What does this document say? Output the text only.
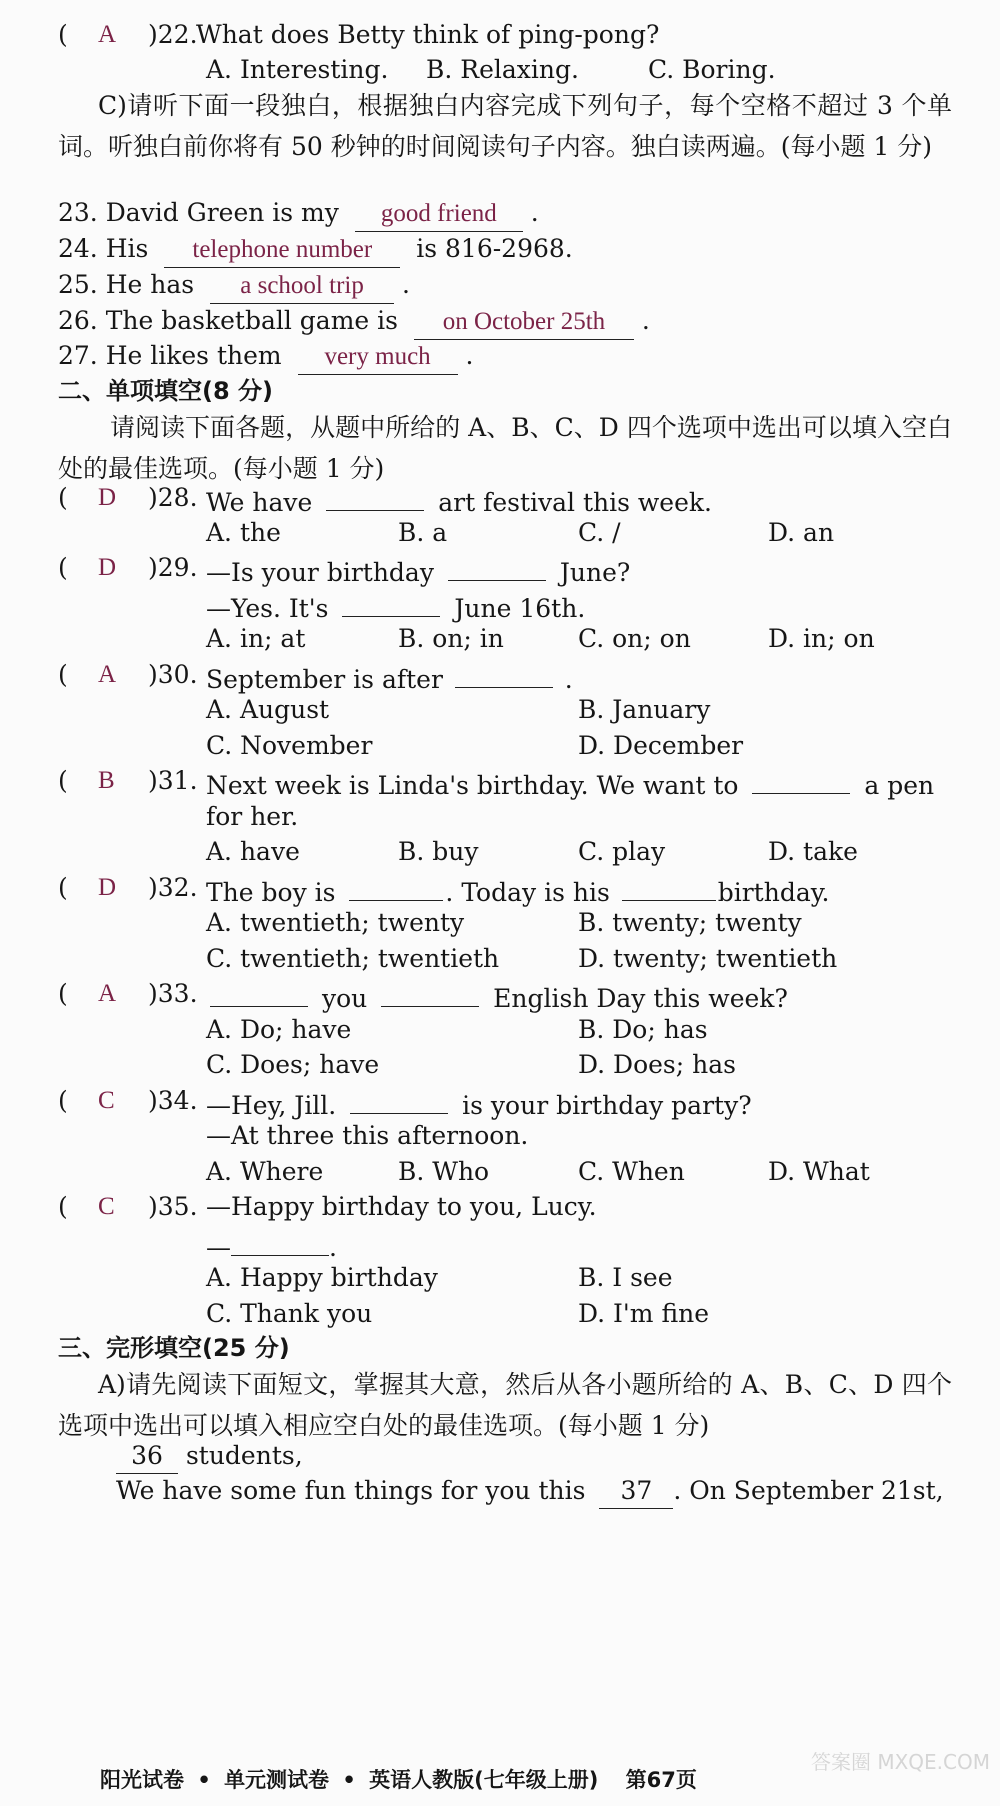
( A )22.
What does Betty think of ping-pong?
A. Interesting. B. Relaxing.	C. Boring.

C)请听下面一段独白，根据独白内容完成下列句子，每个空格不超过 3 个单词。听独白前你将有 50 秒钟的时间阅读句子内容。独白读两遍。(每小题 1 分)

23. David Green is my good friend .
24. His telephone number is 816-2968.
25. He has a school trip .
26. The basketball game is on October 25th .
27. He likes them very much .
二、单项填空(8 分)

请阅读下面各题，从题中所给的 A、B、C、D 四个选项中选出可以填入空白处的最佳选项。(每小题 1 分)

( D )28. We have	art festival this week.
A. the	B. a	C. /	D. an
( D )29. —Is your birthday	June?
—Yes. It's	June 16th.
A. in; at	B. on; in	C. on; on	D. in; on
( A )30. September is after	.
A. August	B. January
C. November	D. December
( B )31. Next week is Linda's birthday. We want to	a pen
for her.
A. have	B. buy	C. play	D. take
( D )32. The boy is	. Today is his	birthday.
A. twentieth; twenty	B. twenty; twenty
C. twentieth; twentieth	D. twenty; twentieth
( A )33.	you	English Day this week?
A. Do; have	B. Do; has
C. Does; have	D. Does; has
( C )34. —Hey, Jill.	is your birthday party?
—At three this afternoon.
A. Where	B. Who	C. When	D. What
( C )35. —Happy birthday to you, Lucy.
—	.
A. Happy birthday	B. I see
C. Thank you	D. I'm fine
三、完形填空(25 分)

A)请先阅读下面短文，掌握其大意，然后从各小题所给的 A、B、C、D 四个选项中选出可以填入相应空白处的最佳选项。(每小题 1 分)

36 students,
We have some fun things for you this 37 . On September 21st,
阳光试卷 • 单元测试卷 • 英语人教版(七年级上册) 第67页
答案圈 MXQE.COM
